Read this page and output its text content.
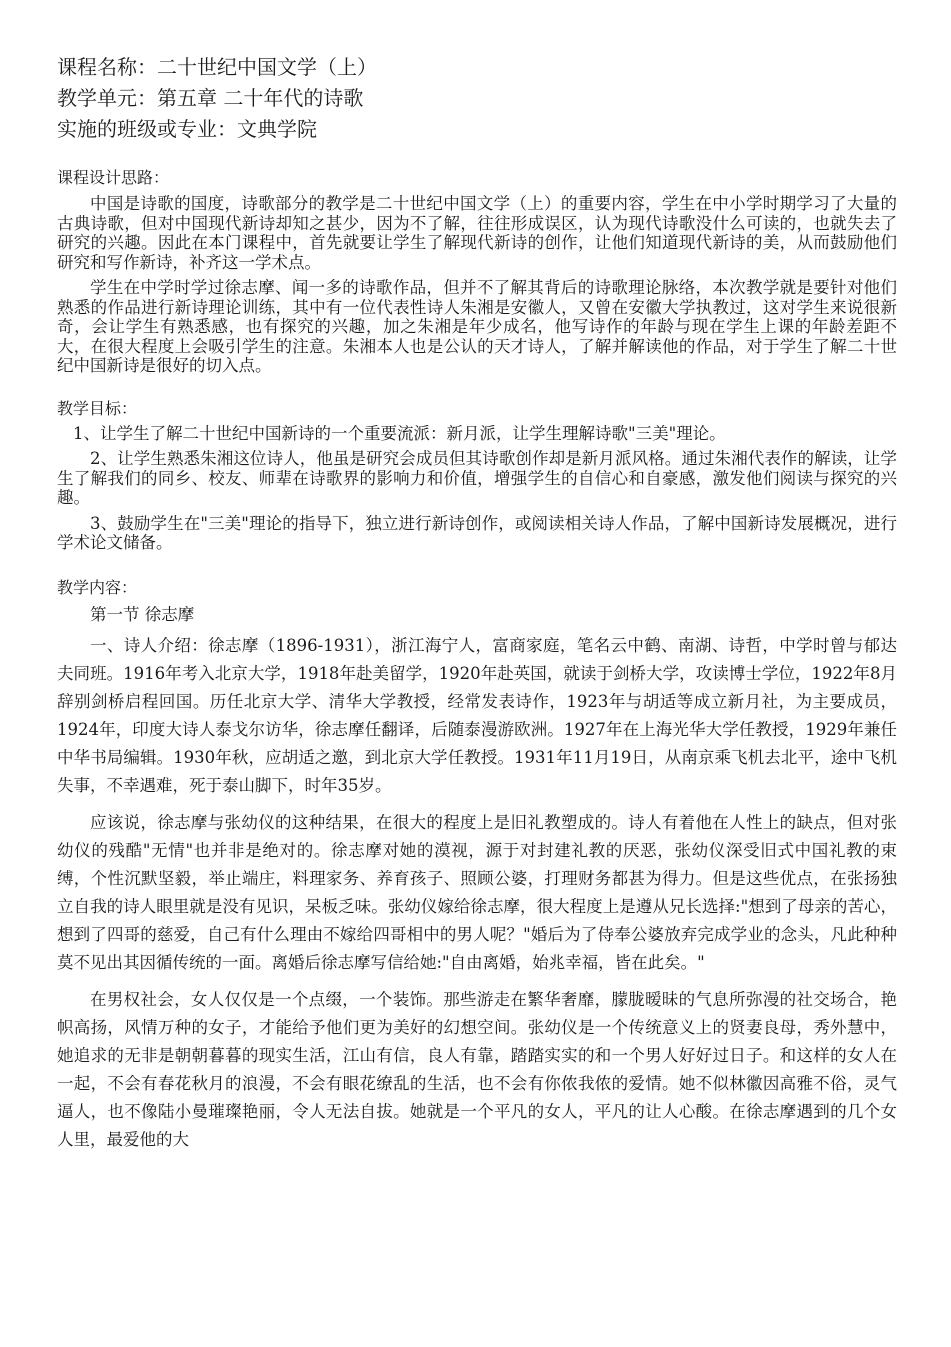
课程名称：二十世纪中国文学（上）

教学单元：第五章 二十年代的诗歌

实施的班级或专业：文典学院

课程设计思路：

中国是诗歌的国度，诗歌部分的教学是二十世纪中国文学（上）的重要内容，学生在中小学时期学习了大量的古典诗歌，但对中国现代新诗却知之甚少，因为不了解，往往形成误区，认为现代诗歌没什么可读的，也就失去了研究的兴趣。因此在本门课程中，首先就要让学生了解现代新诗的创作，让他们知道现代新诗的美，从而鼓励他们研究和写作新诗，补齐这一学术点。

学生在中学时学过徐志摩、闻一多的诗歌作品，但并不了解其背后的诗歌理论脉络，本次教学就是要针对他们熟悉的作品进行新诗理论训练，其中有一位代表性诗人朱湘是安徽人，又曾在安徽大学执教过，这对学生来说很新奇，会让学生有熟悉感，也有探究的兴趣，加之朱湘是年少成名，他写诗作的年龄与现在学生上课的年龄差距不大，在很大程度上会吸引学生的注意。朱湘本人也是公认的天才诗人，了解并解读他的作品，对于学生了解二十世纪中国新诗是很好的切入点。

教学目标：

1、让学生了解二十世纪中国新诗的一个重要流派：新月派，让学生理解诗歌"三美"理论。

2、让学生熟悉朱湘这位诗人，他虽是研究会成员但其诗歌创作却是新月派风格。通过朱湘代表作的解读，让学生了解我们的同乡、校友、师辈在诗歌界的影响力和价值，增强学生的自信心和自豪感，激发他们阅读与探究的兴趣。

3、鼓励学生在"三美"理论的指导下，独立进行新诗创作，或阅读相关诗人作品，了解中国新诗发展概况，进行学术论文储备。

教学内容：

第一节 徐志摩

一、诗人介绍：徐志摩（1896-1931），浙江海宁人，富商家庭，笔名云中鹤、南湖、诗哲，中学时曾与郁达夫同班。1916年考入北京大学，1918年赴美留学，1920年赴英国，就读于剑桥大学，攻读博士学位，1922年8月辞别剑桥启程回国。历任北京大学、清华大学教授，经常发表诗作，1923年与胡适等成立新月社，为主要成员，1924年，印度大诗人泰戈尔访华，徐志摩任翻译，后随泰漫游欧洲。1927年在上海光华大学任教授，1929年兼任中华书局编辑。1930年秋，应胡适之邀，到北京大学任教授。1931年11月19日，从南京乘飞机去北平，途中飞机失事，不幸遇难，死于泰山脚下，时年35岁。

应该说，徐志摩与张幼仪的这种结果，在很大的程度上是旧礼教塑成的。诗人有着他在人性上的缺点，但对张幼仪的残酷"无情"也并非是绝对的。徐志摩对她的漠视，源于对封建礼教的厌恶，张幼仪深受旧式中国礼教的束缚，个性沉默坚毅，举止端庄，料理家务、养育孩子、照顾公婆，打理财务都甚为得力。但是这些优点，在张扬独立自我的诗人眼里就是没有见识，呆板乏味。张幼仪嫁给徐志摩，很大程度上是遵从兄长选择:"想到了母亲的苦心，想到了四哥的慈爱，自己有什么理由不嫁给四哥相中的男人呢？"婚后为了侍奉公婆放弃完成学业的念头，凡此种种莫不见出其因循传统的一面。离婚后徐志摩写信给她:"自由离婚，始兆幸福，皆在此矣。"

在男权社会，女人仅仅是一个点缀，一个装饰。那些游走在繁华奢靡，朦胧暧昧的气息所弥漫的社交场合，艳帜高扬，风情万种的女子，才能给予他们更为美好的幻想空间。张幼仪是一个传统意义上的贤妻良母，秀外慧中，她追求的无非是朝朝暮暮的现实生活，江山有信，良人有靠，踏踏实实的和一个男人好好过日子。和这样的女人在一起，不会有春花秋月的浪漫，不会有眼花缭乱的生活，也不会有你侬我侬的爱情。她不似林徽因高雅不俗，灵气逼人，也不像陆小曼璀璨艳丽，令人无法自拔。她就是一个平凡的女人，平凡的让人心酸。在徐志摩遇到的几个女人里，最爱他的大
